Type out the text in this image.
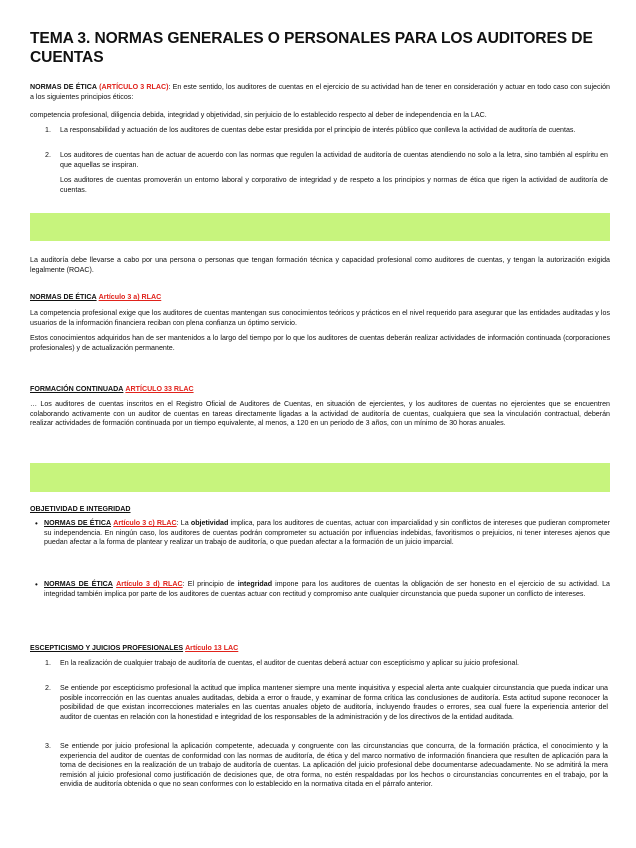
TEMA 3. NORMAS GENERALES O PERSONALES PARA LOS AUDITORES DE CUENTAS
NORMAS DE ÉTICA (ARTÍCULO 3 RLAC): En este sentido, los auditores de cuentas en el ejercicio de su actividad han de tener en consideración y actuar en todo caso con sujeción a los siguientes principios éticos:
competencia profesional, diligencia debida, integridad y objetividad, sin perjuicio de lo establecido respecto al deber de independencia en la LAC.
1.	La responsabilidad y actuación de los auditores de cuentas debe estar presidida por el principio de interés público que conlleva la actividad de auditoría de cuentas.
2.	Los auditores de cuentas han de actuar de acuerdo con las normas que regulen la actividad de auditoría de cuentas atendiendo no solo a la letra, sino también al espíritu en que aquellas se inspiran.
Los auditores de cuentas promoverán un entorno laboral y corporativo de integridad y de respeto a los principios y normas de ética que rigen la actividad de auditoría de cuentas.
La auditoría debe llevarse a cabo por una persona o personas que tengan formación técnica y capacidad profesional como auditores de cuentas, y tengan la autorización exigida legalmente (ROAC).
NORMAS DE ÉTICA Artículo 3 a) RLAC
La competencia profesional exige que los auditores de cuentas mantengan sus conocimientos teóricos y prácticos en el nivel requerido para asegurar que las entidades auditadas y los usuarios de la información financiera reciban con plena confianza un óptimo servicio.
Estos conocimientos adquiridos han de ser mantenidos a lo largo del tiempo por lo que los auditores de cuentas deberán realizar actividades de información continuada (corporaciones profesionales) y de actualización permanente.
FORMACIÓN CONTINUADA ARTÍCULO 33 RLAC
… Los auditores de cuentas inscritos en el Registro Oficial de Auditores de Cuentas, en situación de ejercientes, y los auditores de cuentas no ejercientes que se encuentren colaborando activamente con un auditor de cuentas en tareas directamente ligadas a la actividad de auditoría de cuentas, cualquiera que sea la vinculación contractual, deberán realizar actividades de formación continuada por un tiempo equivalente, al menos, a 120 en un periodo de 3 años, con un mínimo de 30 horas anuales.
OBJETIVIDAD E INTEGRIDAD
• NORMAS DE ÉTICA Artículo 3 c) RLAC: La objetividad implica, para los auditores de cuentas, actuar con imparcialidad y sin conflictos de intereses que pudieran comprometer su independencia. En ningún caso, los auditores de cuentas podrán comprometer su actuación por influencias indebidas, favoritismos o prejuicios, ni tener intereses ajenos que puedan afectar a la forma de plantear y realizar un trabajo de auditoría, o que puedan afectar a la formación de un juicio imparcial.
• NORMAS DE ÉTICA Artículo 3 d) RLAC: El principio de integridad impone para los auditores de cuentas la obligación de ser honesto en el ejercicio de su actividad. La integridad también implica por parte de los auditores de cuentas actuar con rectitud y compromiso ante cualquier circunstancia que pueda suponer un conflicto de intereses.
ESCEPTICISMO Y JUICIOS PROFESIONALES Artículo 13 LAC
1.	En la realización de cualquier trabajo de auditoría de cuentas, el auditor de cuentas deberá actuar con escepticismo y aplicar su juicio profesional.
2.	Se entiende por escepticismo profesional la actitud que implica mantener siempre una mente inquisitiva y especial alerta ante cualquier circunstancia que pueda indicar una posible incorrección en las cuentas anuales auditadas, debida a error o fraude, y examinar de forma crítica las conclusiones de auditoría. Esta actitud supone reconocer la posibilidad de que existan incorrecciones materiales en las cuentas anuales objeto de auditoría, incluyendo fraudes o errores, sea cual fuere la experiencia anterior del auditor de cuentas en relación con la honestidad e integridad de los responsables de la administración y de los directivos de la entidad auditada.
3.	Se entiende por juicio profesional la aplicación competente, adecuada y congruente con las circunstancias que concurra, de la formación práctica, el conocimiento y la experiencia del auditor de cuentas de conformidad con las normas de auditoría, de ética y del marco normativo de información financiera que resulten de aplicación para la toma de decisiones en la realización de un trabajo de auditoría de cuentas. La aplicación del juicio profesional debe documentarse adecuadamente. No se admitirá la mera remisión al juicio profesional como justificación de decisiones que, de otra forma, no estén respaldadas por los hechos o circunstancias concurrentes en el trabajo, por la envidia de auditoría obtenida o que no sean conformes con lo establecido en la normativa citada en el párrafo anterior.
